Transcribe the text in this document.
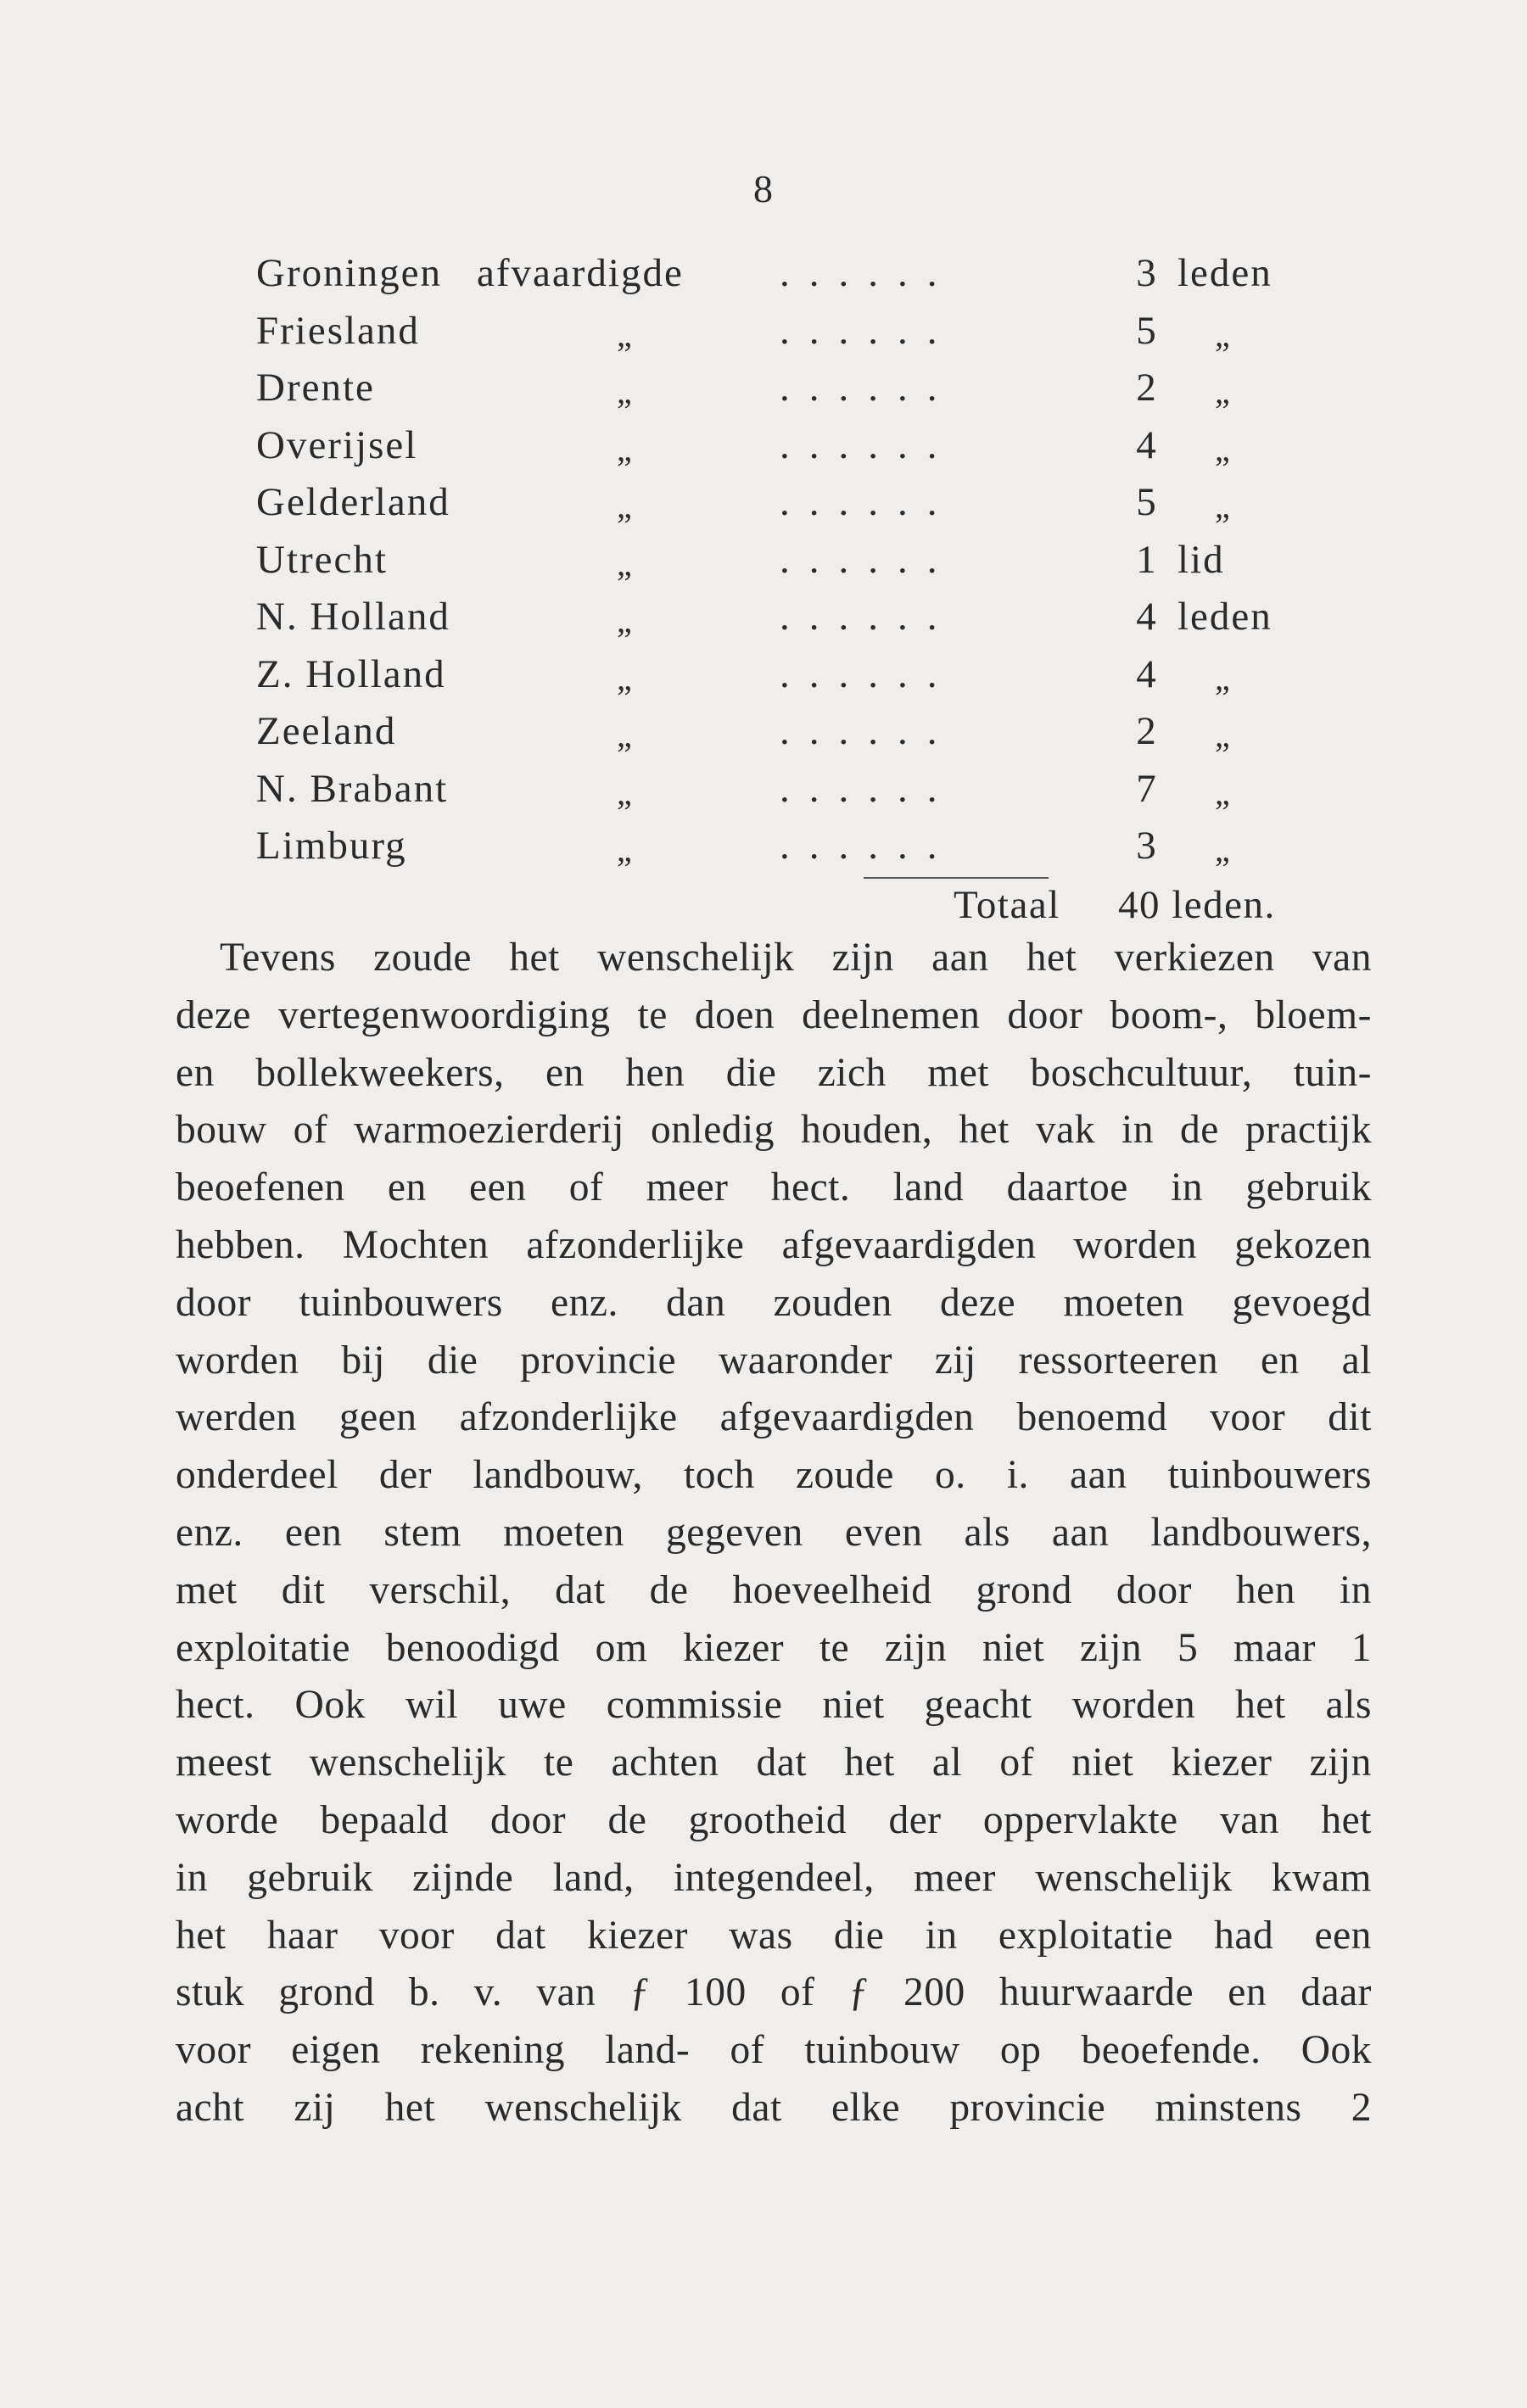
8
Groningen afvaardigde ......	3 leden
Friesland	„	......	5 „
Drente	„	......	2 „
Overijsel	„	......	4 „
Gelderland	„	......	5 „
Utrecht	„	......	1 lid
N. Holland	„	......	4 leden
Z. Holland	„	......	4 „
Zeeland	„	......	2 „
N. Brabant	„	......	7 „
Limburg	„	......	3 „
Totaal 40 leden.
Tevens zoude het wenschelijk zijn aan het verkiezen van
deze vertegenwoordiging te doen deelnemen door boom-, bloem-
en bollekweekers, en hen die zich met boschcultuur, tuin-
bouw of warmoezierderij onledig houden, het vak in de practijk
beoefenen en een of meer hect. land daartoe in gebruik
hebben. Mochten afzonderlijke afgevaardigden worden gekozen
door tuinbouwers enz. dan zouden deze moeten gevoegd
worden bij die provincie waaronder zij ressorteeren en al
werden geen afzonderlijke afgevaardigden benoemd voor dit
onderdeel der landbouw, toch zoude o. i. aan tuinbouwers
enz. een stem moeten gegeven even als aan landbouwers,
met dit verschil, dat de hoeveelheid grond door hen in
exploitatie benoodigd om kiezer te zijn niet zijn 5 maar 1
hect. Ook wil uwe commissie niet geacht worden het als
meest wenschelijk te achten dat het al of niet kiezer zijn
worde bepaald door de grootheid der oppervlakte van het
in gebruik zijnde land, integendeel, meer wenschelijk kwam
het haar voor dat kiezer was die in exploitatie had een
stuk grond b. v. van ƒ 100 of ƒ 200 huurwaarde en daar
voor eigen rekening land- of tuinbouw op beoefende. Ook
acht zij het wenschelijk dat elke provincie minstens 2
